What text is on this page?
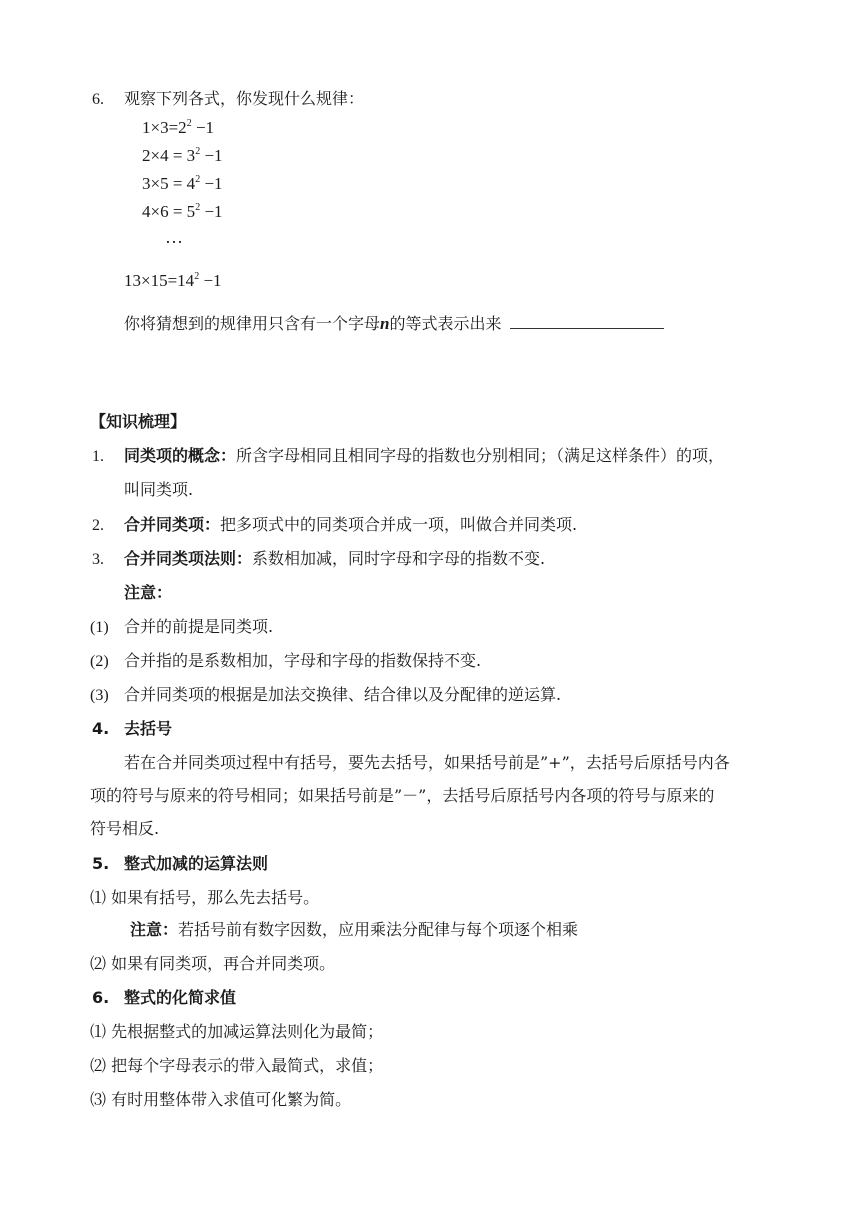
6. 观察下列各式，你发现什么规律：
$1\times 3=2^2 -1$
$2\times 4 = 3^2 -1$
$3\times 5 = 4^2 -1$
$4\times 6 = 5^2 -1$
…
$13\times 15=14^2 -1$
你将猜想到的规律用只含有一个字母n的等式表示出来
【知识梳理】
1. 同类项的概念：所含字母相同且相同字母的指数也分别相同；（满足这样条件）的项，
叫同类项.
2. 合并同类项：把多项式中的同类项合并成一项，叫做合并同类项.
3. 合并同类项法则：系数相加减，同时字母和字母的指数不变.
注意：
(1) 合并的前提是同类项.
(2) 合并指的是系数相加，字母和字母的指数保持不变.
(3) 合并同类项的根据是加法交换律、结合律以及分配律的逆运算.
4. 去括号
若在合并同类项过程中有括号，要先去括号，如果括号前是”+”，去括号后原括号内各
项的符号与原来的符号相同；如果括号前是”－”，去括号后原括号内各项的符号与原来的
符号相反.
5. 整式加减的运算法则
⑴ 如果有括号，那么先去括号。
注意：若括号前有数字因数，应用乘法分配律与每个项逐个相乘
⑵ 如果有同类项，再合并同类项。
6. 整式的化简求值
⑴ 先根据整式的加减运算法则化为最简；
⑵ 把每个字母表示的带入最简式，求值；
⑶ 有时用整体带入求值可化繁为简。
